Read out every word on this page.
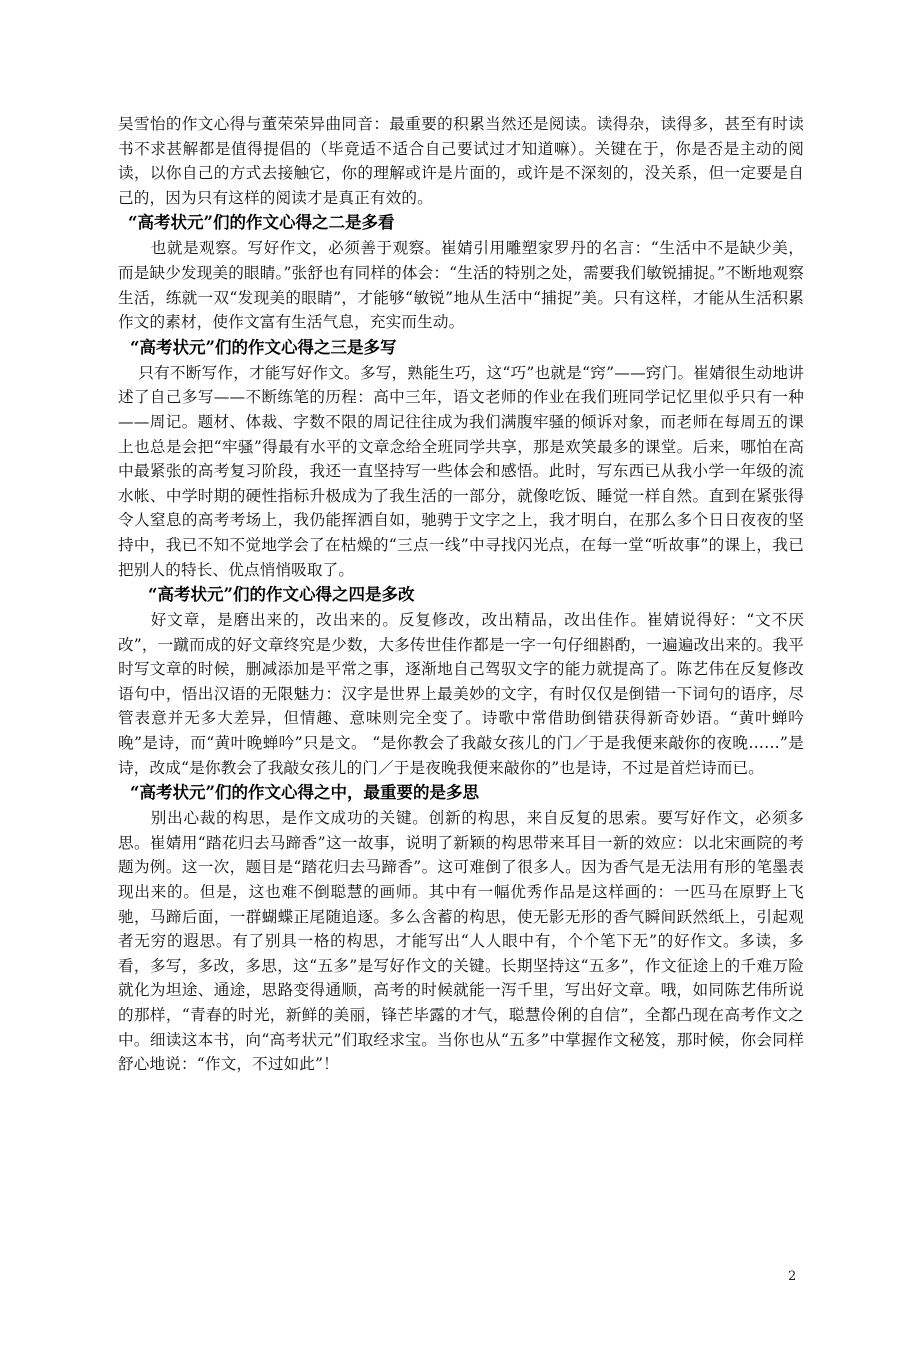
吴雪怡的作文心得与董荣荣异曲同音：最重要的积累当然还是阅读。读得杂，读得多，甚至有时读书不求甚解都是值得提倡的（毕竟适不适合自己要试过才知道嘛）。关键在于，你是否是主动的阅读，以你自己的方式去接触它，你的理解或许是片面的，或许是不深刻的，没关系，但一定要是自己的，因为只有这样的阅读才是真正有效的。

“高考状元”们的作文心得之二是多看

也就是观察。写好作文，必须善于观察。崔婧引用雕塑家罗丹的名言：“生活中不是缺少美，而是缺少发现美的眼睛。”张舒也有同样的体会：“生活的特别之处，需要我们敏锐捕捉。”不断地观察生活，练就一双“发现美的眼睛”，才能够“敏锐”地从生活中“捕捉”美。只有这样，才能从生活积累作文的素材，使作文富有生活气息，充实而生动。

“高考状元”们的作文心得之三是多写

只有不断写作，才能写好作文。多写，熟能生巧，这“巧”也就是“窍”——窍门。崔婧很生动地讲述了自己多写——不断练笔的历程：高中三年，语文老师的作业在我们班同学记忆里似乎只有一种——周记。题材、体裁、字数不限的周记往往成为我们满腹牢骚的倾诉对象，而老师在每周五的课上也总是会把“牢骚”得最有水平的文章念给全班同学共享，那是欢笑最多的课堂。后来，哪怕在高中最紧张的高考复习阶段，我还一直坚持写一些体会和感悟。此时，写东西已从我小学一年级的流水帐、中学时期的硬性指标升极成为了我生活的一部分，就像吃饭、睡觉一样自然。直到在紧张得令人窒息的高考考场上，我仍能挥洒自如，驰骋于文字之上，我才明白，在那么多个日日夜夜的坚持中，我已不知不觉地学会了在枯燥的“三点一线”中寻找闪光点，在每一堂“听故事”的课上，我已把别人的特长、优点悄悄吸取了。

“高考状元”们的作文心得之四是多改

好文章，是磨出来的，改出来的。反复修改，改出精品，改出佳作。崔婧说得好：“文不厌改”，一蹴而成的好文章终究是少数，大多传世佳作都是一字一句仔细斟酌，一遍遍改出来的。我平时写文章的时候，删减添加是平常之事，逐渐地自己驾驭文字的能力就提高了。陈艺伟在反复修改语句中，悟出汉语的无限魅力：汉字是世界上最美妙的文字，有时仅仅是倒错一下词句的语序，尽管表意并无多大差异，但情趣、意味则完全变了。诗歌中常借助倒错获得新奇妙语。“黄叶蝉吟晚”是诗，而“黄叶晚蝉吟”只是文。 “是你教会了我敲女孩儿的门／于是我便来敲你的夜晚……”是诗，改成“是你教会了我敲女孩儿的门／于是夜晚我便来敲你的”也是诗，不过是首烂诗而已。

“高考状元”们的作文心得之中，最重要的是多思

别出心裁的构思，是作文成功的关键。创新的构思，来自反复的思索。要写好作文，必须多思。崔婧用“踏花归去马蹄香”这一故事，说明了新颖的构思带来耳目一新的效应：以北宋画院的考题为例。这一次，题目是“踏花归去马蹄香”。这可难倒了很多人。因为香气是无法用有形的笔墨表现出来的。但是，这也难不倒聪慧的画师。其中有一幅优秀作品是这样画的：一匹马在原野上飞驰，马蹄后面，一群蝴蝶正尾随追逐。多么含蓄的构思，使无影无形的香气瞬间跃然纸上，引起观者无穷的遐思。有了别具一格的构思，才能写出“人人眼中有，个个笔下无”的好作文。多读，多看，多写，多改，多思，这“五多”是写好作文的关键。长期坚持这“五多”，作文征途上的千难万险就化为坦途、通途，思路变得通顺，高考的时候就能一泻千里，写出好文章。哦，如同陈艺伟所说的那样，“青春的时光，新鲜的美丽，锋芒毕露的才气，聪慧伶俐的自信”，全都凸现在高考作文之中。细读这本书，向“高考状元”们取经求宝。当你也从“五多”中掌握作文秘笈，那时候，你会同样舒心地说：“作文，不过如此”！

2
